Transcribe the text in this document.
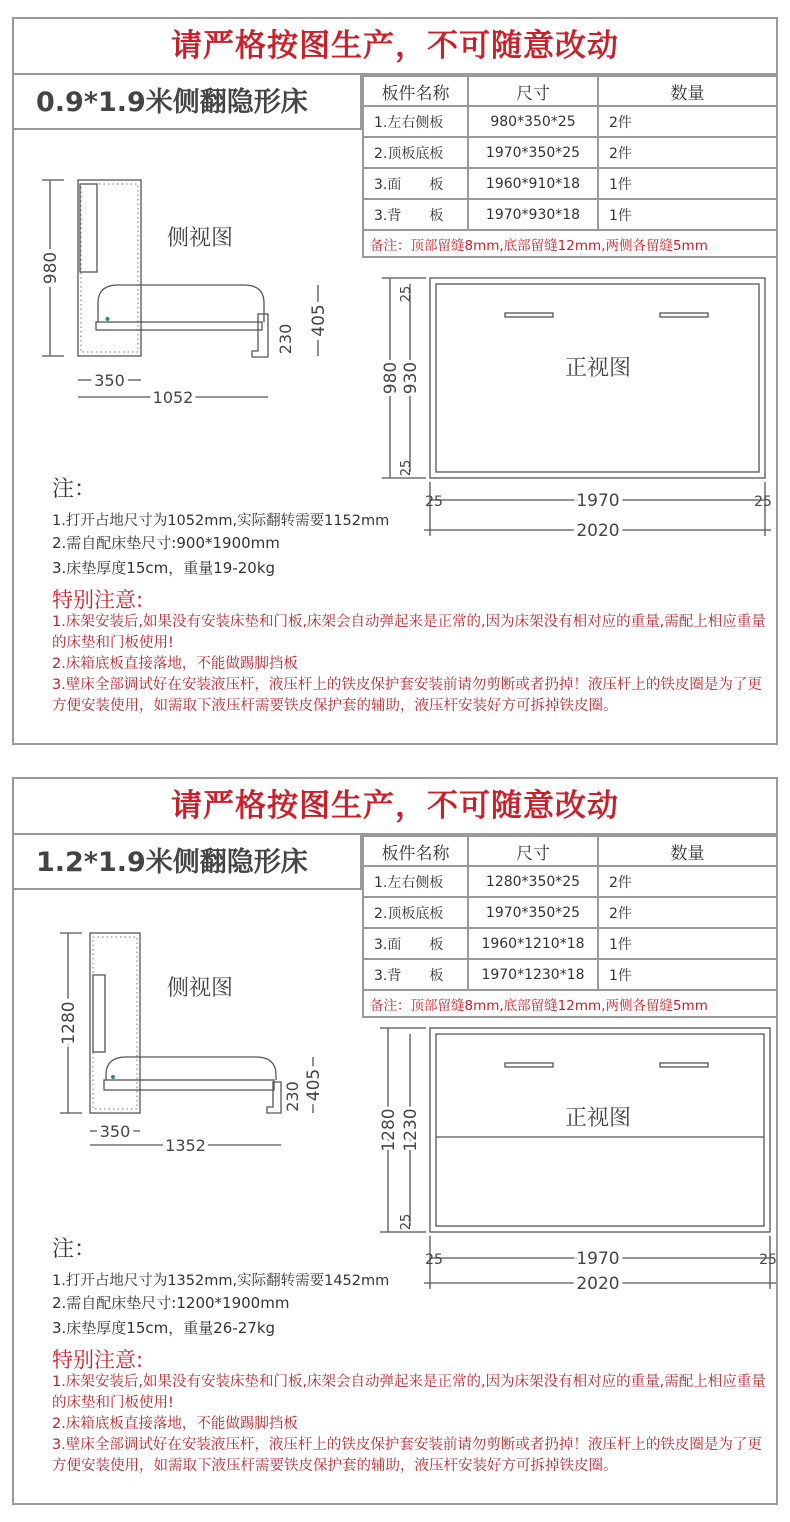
请严格按图生产，不可随意改动
0.9*1.9米侧翻隐形床	板件名称	尺寸	数量
1.左右侧板	980*350*25	2件
2.顶板底板	1970*350*25	2件
3.面　　板	1960*910*18	1件
3.背　　板	1970*930*18	1件
备注：顶部留缝8mm,底部留缝12mm,两侧各留缝5mm		
980
405
230
350
1052
侧视图
正视图
980 930
25
25
25	25
1970
2020
注：
1.打开占地尺寸为1052mm,实际翻转需要1152mm
2.需自配床垫尺寸:900*1900mm
3.床垫厚度15cm，重量19-20kg
特别注意:
1.床架安装后,如果没有安装床垫和门板,床架会自动弹起来是正常的,因为床架没有相对应的重量,需配上相应重量的床垫和门板使用!
2.床箱底板直接落地，不能做踢脚挡板
3.壁床全部调试好在安装液压杆，液压杆上的铁皮保护套安装前请勿剪断或者扔掉！液压杆上的铁皮圈是为了更方便安装使用，如需取下液压杆需要铁皮保护套的辅助，液压杆安装好方可拆掉铁皮圈。
请严格按图生产，不可随意改动
1.2*1.9米侧翻隐形床	板件名称	尺寸	数量
1.左右侧板	1280*350*25	2件
2.顶板底板	1970*350*25	2件
3.面　　板	1960*1210*18	1件
3.背　　板	1970*1230*18	1件
备注：顶部留缝8mm,底部留缝12mm,两侧各留缝5mm		
1280
405
230
350
1352
侧视图
正视图
1280 1230
25
25	25
1970
2020
注：
1.打开占地尺寸为1352mm,实际翻转需要1452mm
2.需自配床垫尺寸:1200*1900mm
3.床垫厚度15cm，重量26-27kg
特别注意:
1.床架安装后,如果没有安装床垫和门板,床架会自动弹起来是正常的,因为床架没有相对应的重量,需配上相应重量的床垫和门板使用!
2.床箱底板直接落地，不能做踢脚挡板
3.壁床全部调试好在安装液压杆，液压杆上的铁皮保护套安装前请勿剪断或者扔掉！液压杆上的铁皮圈是为了更方便安装使用，如需取下液压杆需要铁皮保护套的辅助，液压杆安装好方可拆掉铁皮圈。
